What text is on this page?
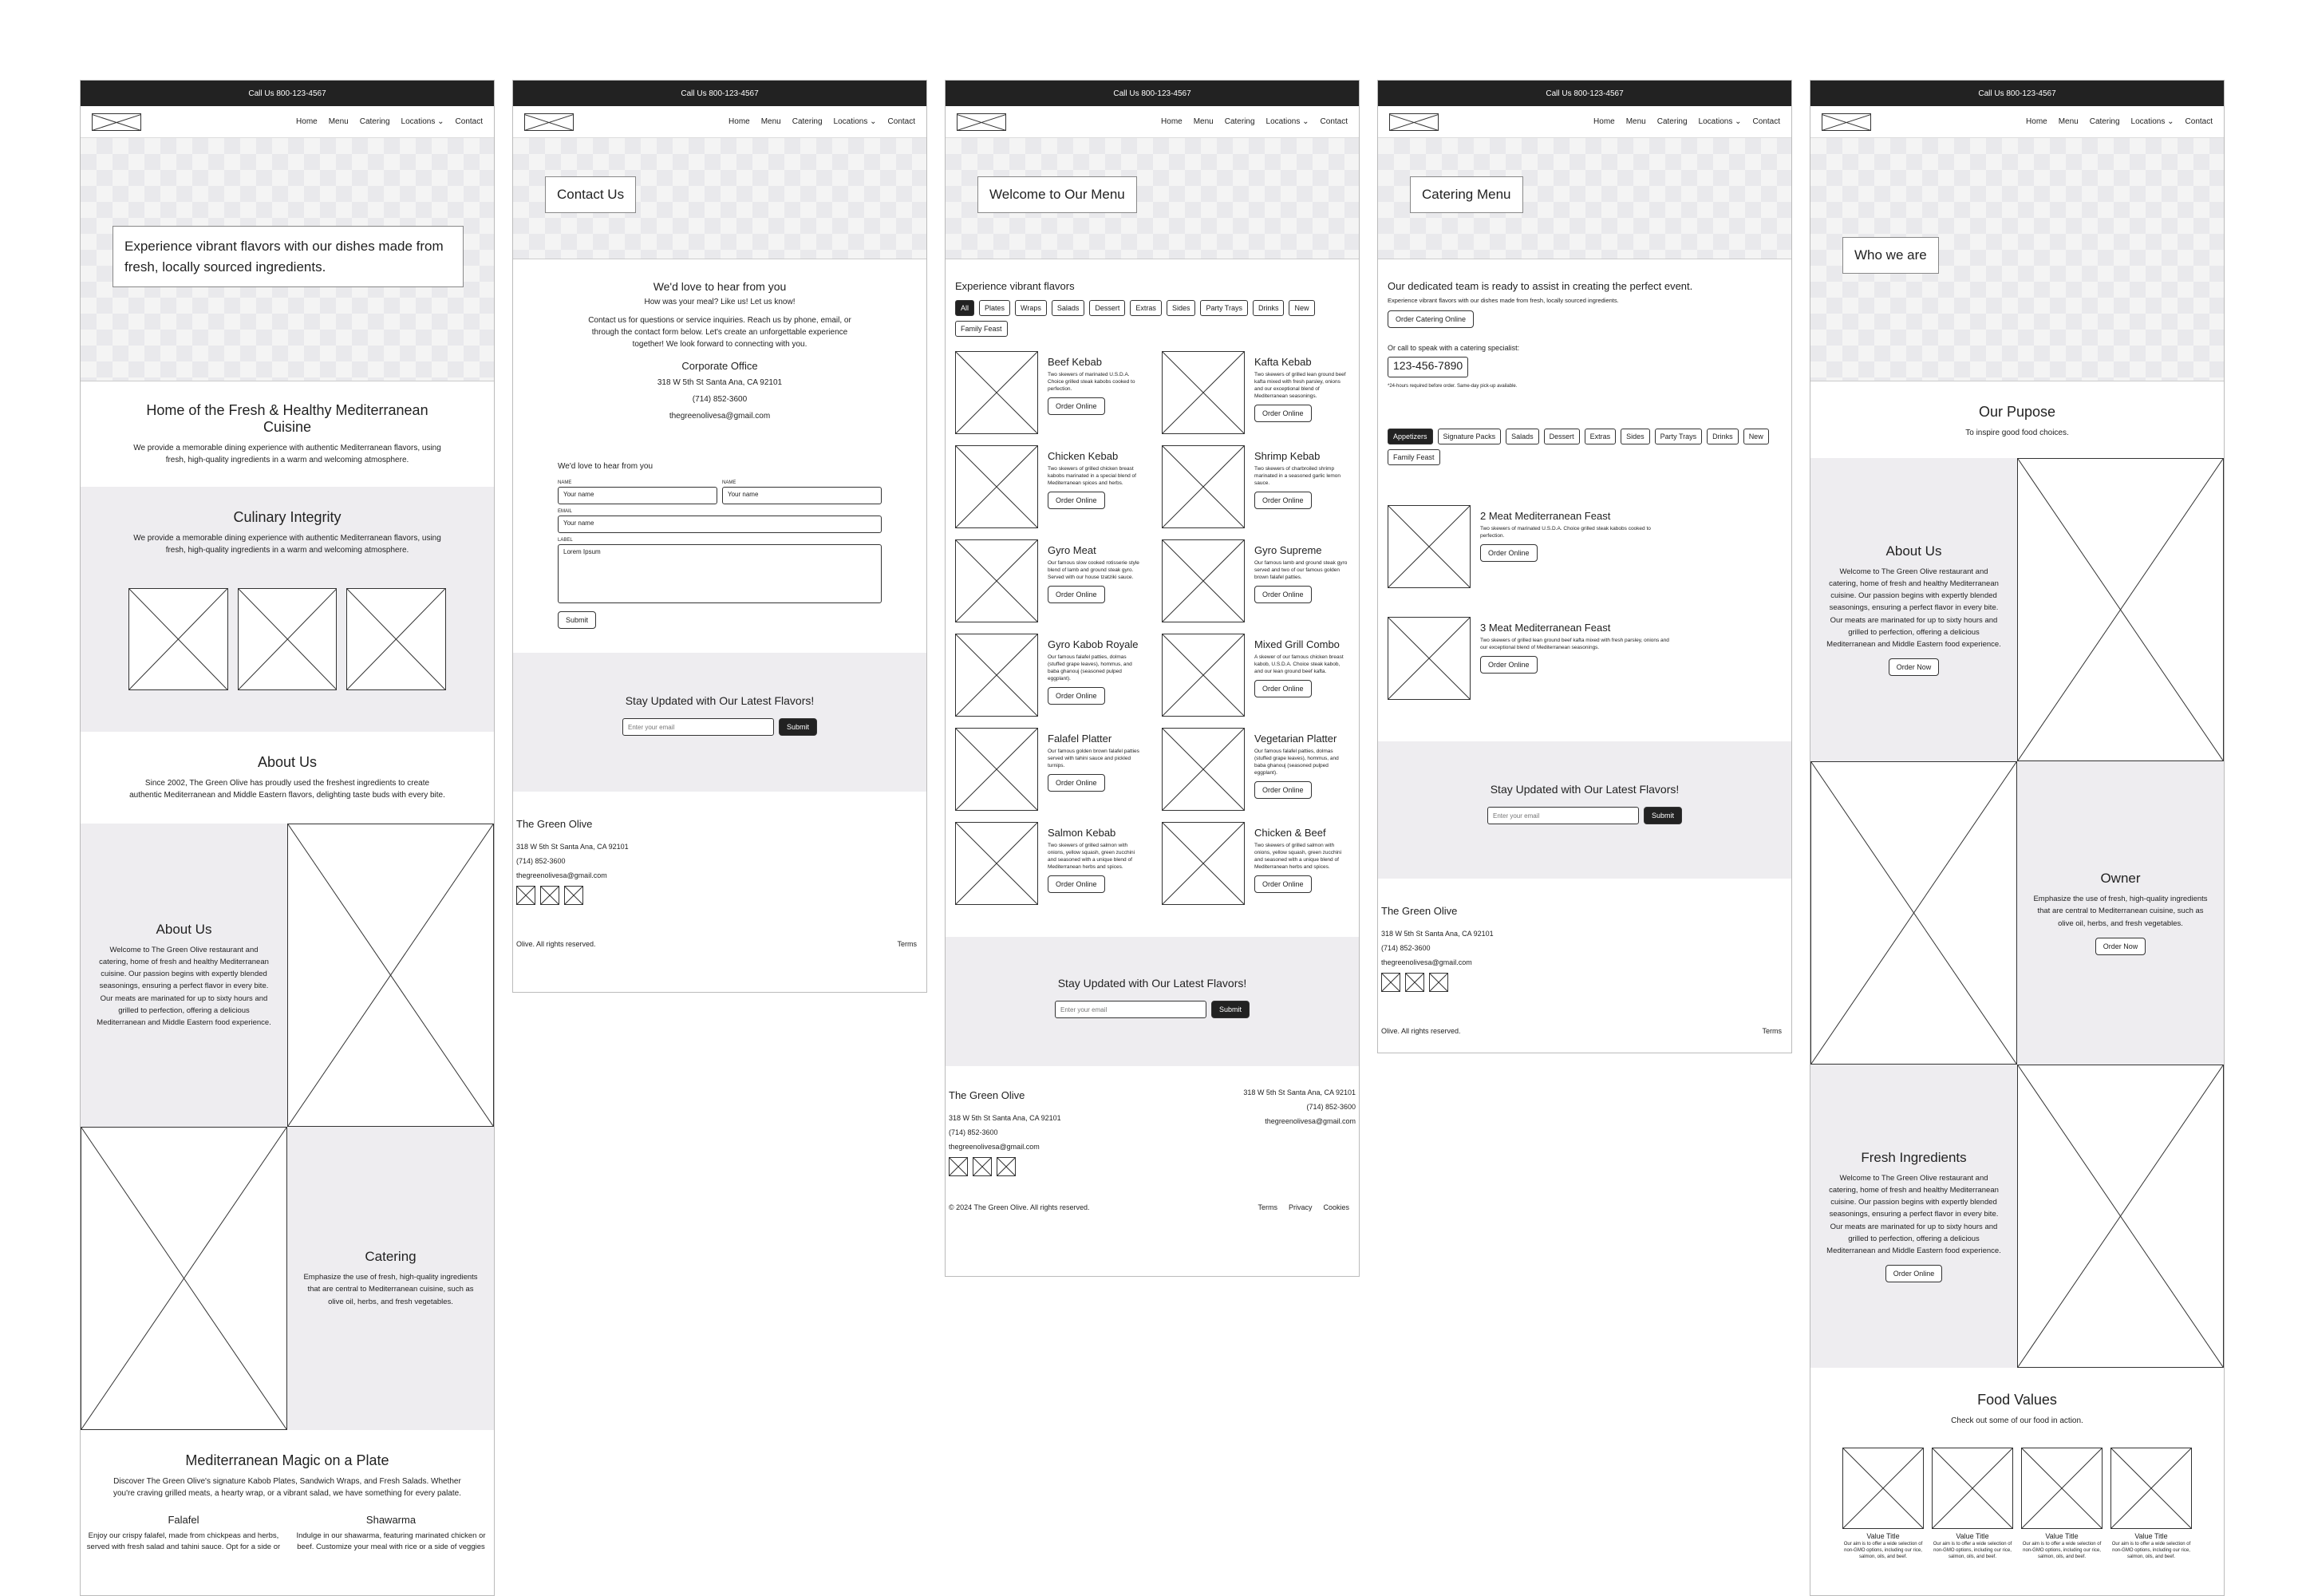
Call Us 800-123-4567
Home Menu Catering Locations ⌄ Contact
Experience vibrant flavors with our dishes made from fresh, locally sourced ingredients.
Home of the Fresh & Healthy Mediterranean Cuisine

We provide a memorable dining experience with authentic Mediterranean flavors, using fresh, high-quality ingredients in a warm and welcoming atmosphere.

Culinary Integrity

We provide a memorable dining experience with authentic Mediterranean flavors, using fresh, high-quality ingredients in a warm and welcoming atmosphere.

About Us

Since 2002, The Green Olive has proudly used the freshest ingredients to create authentic Mediterranean and Middle Eastern flavors, delighting taste buds with every bite.

About Us

Welcome to The Green Olive restaurant and catering, home of fresh and healthy Mediterranean cuisine. Our passion begins with expertly blended seasonings, ensuring a perfect flavor in every bite. Our meats are marinated for up to sixty hours and grilled to perfection, offering a delicious Mediterranean and Middle Eastern food experience.

Catering

Emphasize the use of fresh, high-quality ingredients that are central to Mediterranean cuisine, such as olive oil, herbs, and fresh vegetables.

Mediterranean Magic on a Plate

Discover The Green Olive's signature Kabob Plates, Sandwich Wraps, and Fresh Salads. Whether you're craving grilled meats, a hearty wrap, or a vibrant salad, we have something for every palate.

Falafel

Enjoy our crispy falafel, made from chickpeas and herbs, served with fresh salad and tahini sauce. Opt for a side or

Shawarma

Indulge in our shawarma, featuring marinated chicken or beef. Customize your meal with rice or a side of veggies

Call Us 800-123-4567
Home Menu Catering Locations ⌄ Contact
Contact Us
We'd love to hear from you

How was your meal? Like us! Let us know!

Contact us for questions or service inquiries. Reach us by phone, email, or through the contact form below. Let's create an unforgettable experience together! We look forward to connecting with you.

Corporate Office

318 W 5th St Santa Ana, CA 92101

(714) 852-3600

thegreenolivesa@gmail.com

We'd love to hear from you
NAME
Your name
NAME
Your name
EMAIL
Your name
LABEL
Lorem Ipsum
Submit
Stay Updated with Our Latest Flavors!
Enter your email
Submit
The Green Olive
318 W 5th St Santa Ana, CA 92101
(714) 852-3600
thegreenolivesa@gmail.com
Olive. All rights reserved.	Terms
Call Us 800-123-4567
Home Menu Catering Locations ⌄ Contact
Welcome to Our Menu
Experience vibrant flavors
All	Plates	Wraps	Salads	Dessert	Extras	Sides	Party Trays	Drinks	New
Family Feast
Beef Kebab

Two skewers of marinated U.S.D.A. Choice grilled steak kabobs cooked to perfection.

Order Online
Kafta Kebab

Two skewers of grilled lean ground beef kafta mixed with fresh parsley, onions and our exceptional blend of Mediterranean seasonings.

Order Online
Chicken Kebab

Two skewers of grilled chicken breast kabobs marinated in a special blend of Mediterranean spices and herbs.

Order Online
Shrimp Kebab

Two skewers of charbroiled shrimp marinated in a seasoned garlic lemon sauce.

Order Online
Gyro Meat

Our famous slow cooked rotisserie style blend of lamb and ground steak gyro. Served with our house tzatziki sauce.

Order Online
Gyro Supreme

Our famous lamb and ground steak gyro served and two of our famous golden brown falafel patties.

Order Online
Gyro Kabob Royale

Our famous falafel patties, dolmas (stuffed grape leaves), hommus, and baba ghanouj (seasoned pulped eggplant).

Order Online
Mixed Grill Combo

A skewer of our famous chicken breast kabob, U.S.D.A. Choice steak kabob, and our lean ground beef kafta.

Order Online
Falafel Platter

Our famous golden brown falafel patties served with tahini sauce and pickled turnips.

Order Online
Vegetarian Platter

Our famous falafel patties, dolmas (stuffed grape leaves), hommus, and baba ghanouj (seasoned pulped eggplant).

Order Online
Salmon Kebab

Two skewers of grilled salmon with onions, yellow squash, green zucchini and seasoned with a unique blend of Mediterranean herbs and spices.

Order Online
Chicken & Beef

Two skewers of grilled salmon with onions, yellow squash, green zucchini and seasoned with a unique blend of Mediterranean herbs and spices.

Order Online
Stay Updated with Our Latest Flavors!
Enter your email
Submit
The Green Olive
318 W 5th St Santa Ana, CA 92101
(714) 852-3600
thegreenolivesa@gmail.com
318 W 5th St Santa Ana, CA 92101
(714) 852-3600
thegreenolivesa@gmail.com
© 2024 The Green Olive. All rights reserved.	Terms Privacy Cookies
Call Us 800-123-4567
Home Menu Catering Locations ⌄ Contact
Catering Menu
Our dedicated team is ready to assist in creating the perfect event.
Experience vibrant flavors with our dishes made from fresh, locally sourced ingredients.
Order Catering Online
Or call to speak with a catering specialist:
123-456-7890
*24-hours required before order. Same-day pick-up available.
Appetizers	Signature Packs	Salads	Dessert	Extras	Sides	Party Trays	Drinks	New
Family Feast
2 Meat Mediterranean Feast

Two skewers of marinated U.S.D.A. Choice grilled steak kabobs cooked to perfection.

Order Online
3 Meat Mediterranean Feast

Two skewers of grilled lean ground beef kafta mixed with fresh parsley, onions and our exceptional blend of Mediterranean seasonings.

Order Online
Stay Updated with Our Latest Flavors!
Enter your email
Submit
The Green Olive
318 W 5th St Santa Ana, CA 92101
(714) 852-3600
thegreenolivesa@gmail.com
Olive. All rights reserved.	Terms
Call Us 800-123-4567
Home Menu Catering Locations ⌄ Contact
Who we are
Our Pupose

To inspire good food choices.

About Us

Welcome to The Green Olive restaurant and catering, home of fresh and healthy Mediterranean cuisine. Our passion begins with expertly blended seasonings, ensuring a perfect flavor in every bite. Our meats are marinated for up to sixty hours and grilled to perfection, offering a delicious Mediterranean and Middle Eastern food experience.

Order Now
Owner

Emphasize the use of fresh, high-quality ingredients that are central to Mediterranean cuisine, such as olive oil, herbs, and fresh vegetables.

Order Now
Fresh Ingredients

Welcome to The Green Olive restaurant and catering, home of fresh and healthy Mediterranean cuisine. Our passion begins with expertly blended seasonings, ensuring a perfect flavor in every bite. Our meats are marinated for up to sixty hours and grilled to perfection, offering a delicious Mediterranean and Middle Eastern food experience.

Order Online
Food Values

Check out some of our food in action.

Value Title
Our aim is to offer a wide selection of non-GMO options, including our rice, salmon, oils, and beef.
Value Title
Our aim is to offer a wide selection of non-GMO options, including our rice, salmon, oils, and beef.
Value Title
Our aim is to offer a wide selection of non-GMO options, including our rice, salmon, oils, and beef.
Value Title
Our aim is to offer a wide selection of non-GMO options, including our rice, salmon, oils, and beef.
